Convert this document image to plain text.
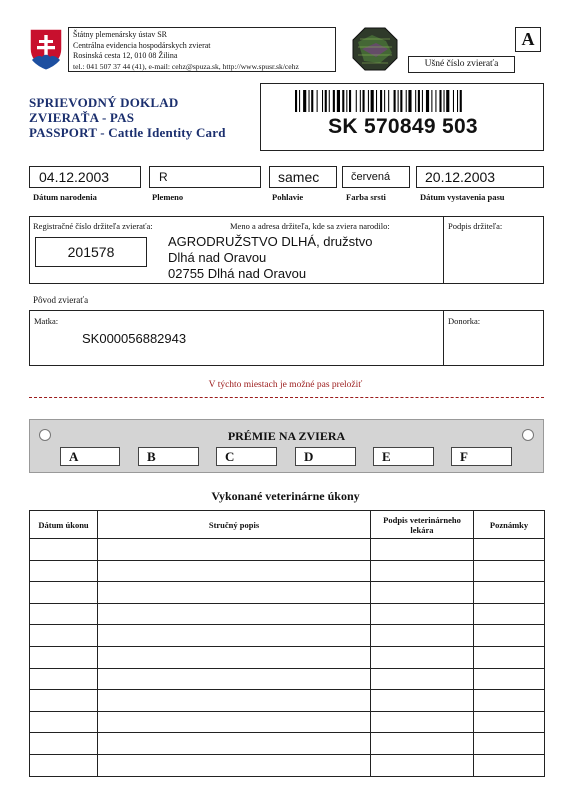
Štátny plemenársky ústav SR
Centrálna evidencia hospodárskych zvierat
Rosinská cesta 12, 010 08 Žilina
tel.: 041 507 37 44 (41), e-mail: cehz@spuza.sk, http://www.spusr.sk/cehz
A
Ušné číslo zvieraťa
SPRIEVODNÝ DOKLAD
ZVIERAŤA - PAS
PASSPORT - Cattle Identity Card	SK 570849 503
04.12.2003
Dátum narodenia
R
Plemeno
samec
Pohlavie
červená
Farba srsti
20.12.2003
Dátum vystavenia pasu
Registračné číslo držiteľa zvieraťa:
201578
Meno a adresa držiteľa, kde sa zviera narodilo:
AGRODRUŽSTVO DLHÁ, družstvo
Dlhá nad Oravou
02755 Dlhá nad Oravou
Podpis držiteľa:
Pôvod zvieraťa
Matka:
SK000056882943
Donorka:
V týchto miestach je možné pas preložiť
PRÉMIE NA ZVIERA
A	B	C	D	E	F
Vykonané veterinárne úkony
Dátum úkonu	Stručný popis	Podpis veterinárneho lekára	Poznámky
